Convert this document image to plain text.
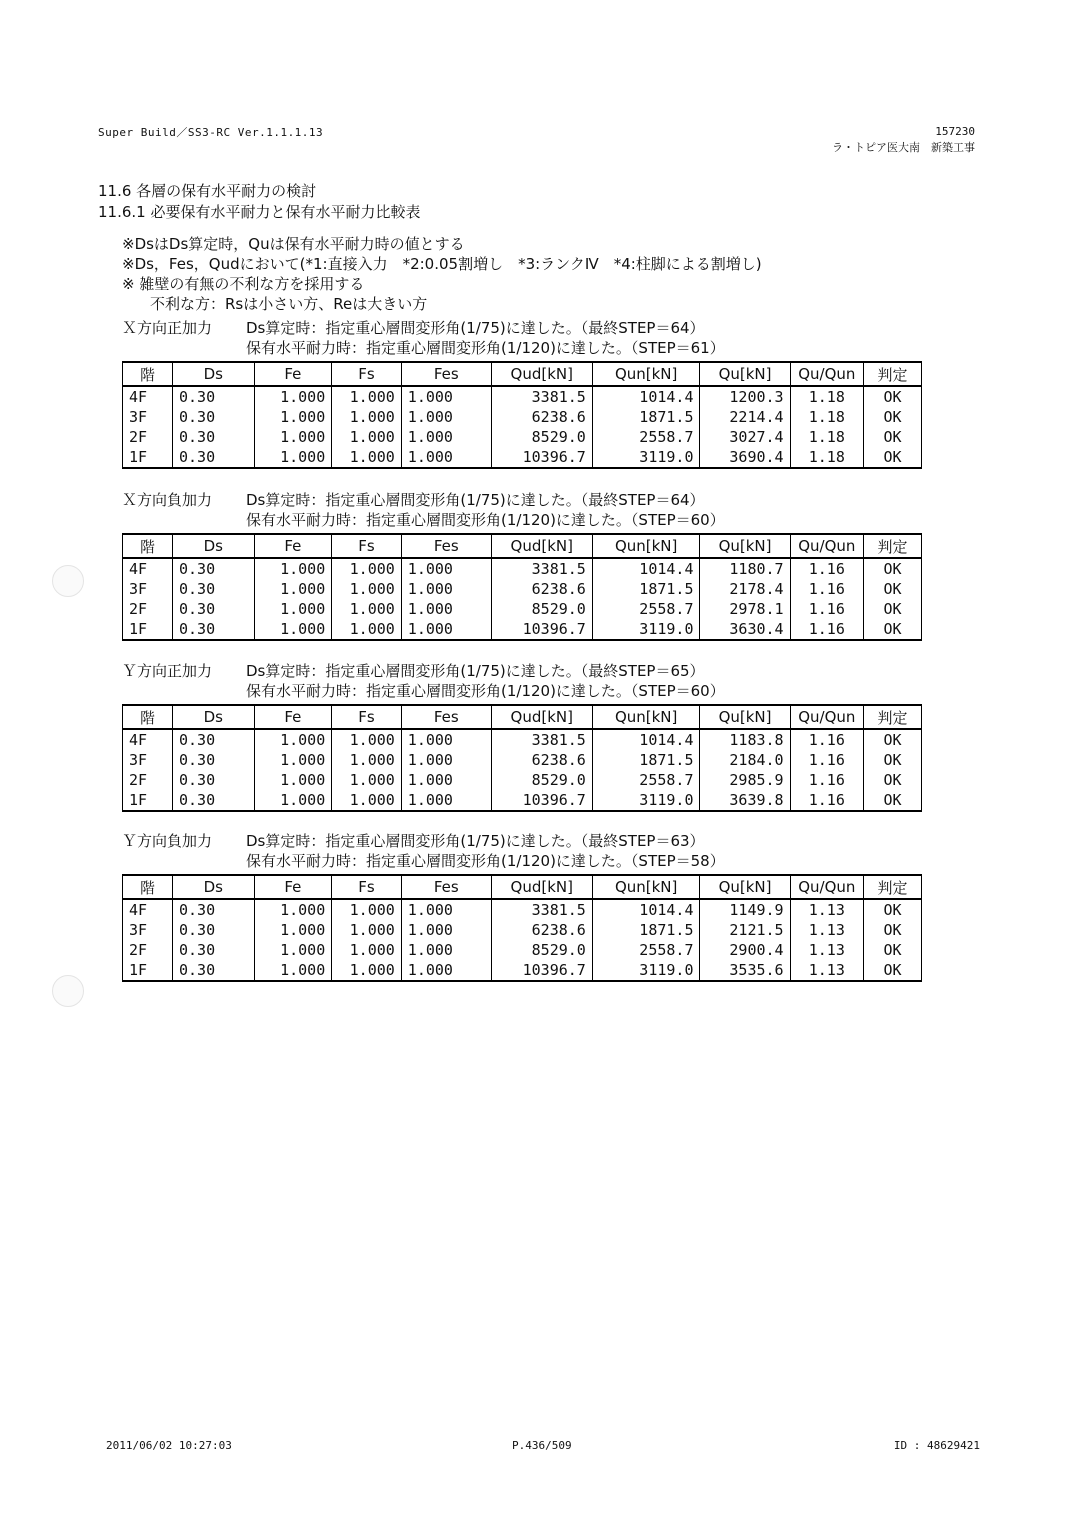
Super Build／SS3-RC Ver.1.1.1.13	157230
ラ・トピア医大南　新築工事
11.6 各層の保有水平耐力の検討
11.6.1 必要保有水平耐力と保有水平耐力比較表
※DsはDs算定時，Quは保有水平耐力時の値とする
※Ds，Fes，Qudにおいて(*1:直接入力　*2:0.05割増し　*3:ランクⅣ　*4:柱脚による割増し)
※ 雑壁の有無の不利な方を採用する
不利な方：Rsは小さい方、Reは大きい方
Ｘ方向正加力 Ds算定時：指定重心層間変形角(1/75)に達した。（最終STEP＝64）
保有水平耐力時：指定重心層間変形角(1/120)に達した。（STEP＝61）
階	Ds	Fe	Fs	Fes	Qud[kN]	Qun[kN]	Qu[kN]	Qu/Qun	判定
4F	0.30	1.000	1.000	1.000	3381.5	1014.4	1200.3	1.18	OK
3F	0.30	1.000	1.000	1.000	6238.6	1871.5	2214.4	1.18	OK
2F	0.30	1.000	1.000	1.000	8529.0	2558.7	3027.4	1.18	OK
1F	0.30	1.000	1.000	1.000	10396.7	3119.0	3690.4	1.18	OK
Ｘ方向負加力 Ds算定時：指定重心層間変形角(1/75)に達した。（最終STEP＝64）
保有水平耐力時：指定重心層間変形角(1/120)に達した。（STEP＝60）
階	Ds	Fe	Fs	Fes	Qud[kN]	Qun[kN]	Qu[kN]	Qu/Qun	判定
4F	0.30	1.000	1.000	1.000	3381.5	1014.4	1180.7	1.16	OK
3F	0.30	1.000	1.000	1.000	6238.6	1871.5	2178.4	1.16	OK
2F	0.30	1.000	1.000	1.000	8529.0	2558.7	2978.1	1.16	OK
1F	0.30	1.000	1.000	1.000	10396.7	3119.0	3630.4	1.16	OK
Ｙ方向正加力 Ds算定時：指定重心層間変形角(1/75)に達した。（最終STEP＝65）
保有水平耐力時：指定重心層間変形角(1/120)に達した。（STEP＝60）
階	Ds	Fe	Fs	Fes	Qud[kN]	Qun[kN]	Qu[kN]	Qu/Qun	判定
4F	0.30	1.000	1.000	1.000	3381.5	1014.4	1183.8	1.16	OK
3F	0.30	1.000	1.000	1.000	6238.6	1871.5	2184.0	1.16	OK
2F	0.30	1.000	1.000	1.000	8529.0	2558.7	2985.9	1.16	OK
1F	0.30	1.000	1.000	1.000	10396.7	3119.0	3639.8	1.16	OK
Ｙ方向負加力 Ds算定時：指定重心層間変形角(1/75)に達した。（最終STEP＝63）
保有水平耐力時：指定重心層間変形角(1/120)に達した。（STEP＝58）
階	Ds	Fe	Fs	Fes	Qud[kN]	Qun[kN]	Qu[kN]	Qu/Qun	判定
4F	0.30	1.000	1.000	1.000	3381.5	1014.4	1149.9	1.13	OK
3F	0.30	1.000	1.000	1.000	6238.6	1871.5	2121.5	1.13	OK
2F	0.30	1.000	1.000	1.000	8529.0	2558.7	2900.4	1.13	OK
1F	0.30	1.000	1.000	1.000	10396.7	3119.0	3535.6	1.13	OK
2011/06/02 10:27:03	P.436/509	ID : 48629421
